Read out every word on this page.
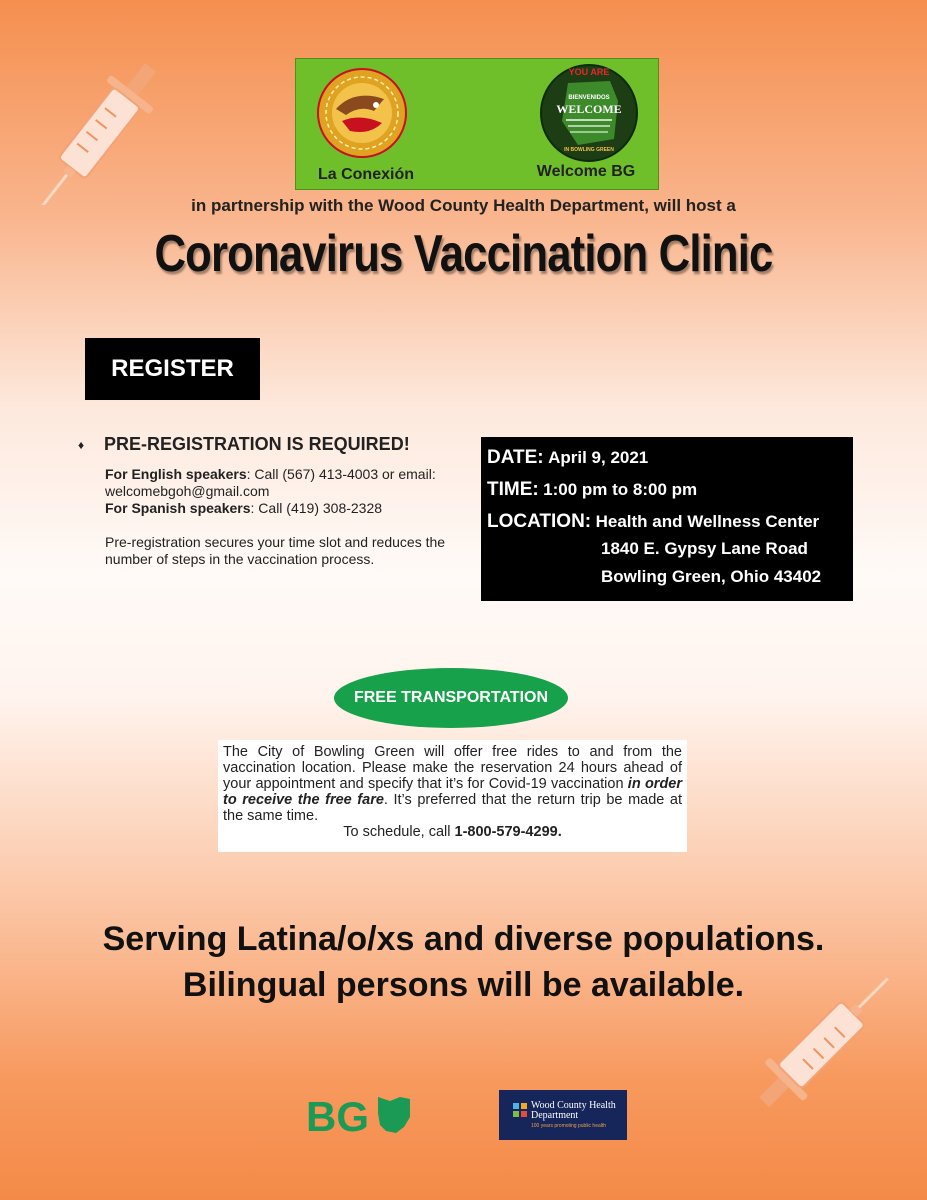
La Conexión
YOU ARE
BIENVENIDOS
WELCOME
IN BOWLING GREEN
Welcome BG
in partnership with the Wood County Health Department, will host a
Coronavirus Vaccination Clinic
REGISTER
♦ PRE-REGISTRATION IS REQUIRED!
For English speakers: Call (567) 413-4003 or email: welcomebgoh@gmail.com
For Spanish speakers: Call (419) 308-2328
Pre-registration secures your time slot and reduces the number of steps in the vaccination process.
DATE: April 9, 2021
TIME: 1:00 pm to 8:00 pm
LOCATION: Health and Wellness Center
1840 E. Gypsy Lane Road
Bowling Green, Ohio 43402
FREE TRANSPORTATION
The City of Bowling Green will offer free rides to and from the vaccination location. Please make the reservation 24 hours ahead of your appointment and specify that it’s for Covid-19 vaccination in order to receive the free fare. It’s preferred that the return trip be made at the same time.
To schedule, call 1-800-579-4299.
Serving Latina/o/xs and diverse populations.
Bilingual persons will be available.
BG	Wood County Health Department
100 years promoting public health
